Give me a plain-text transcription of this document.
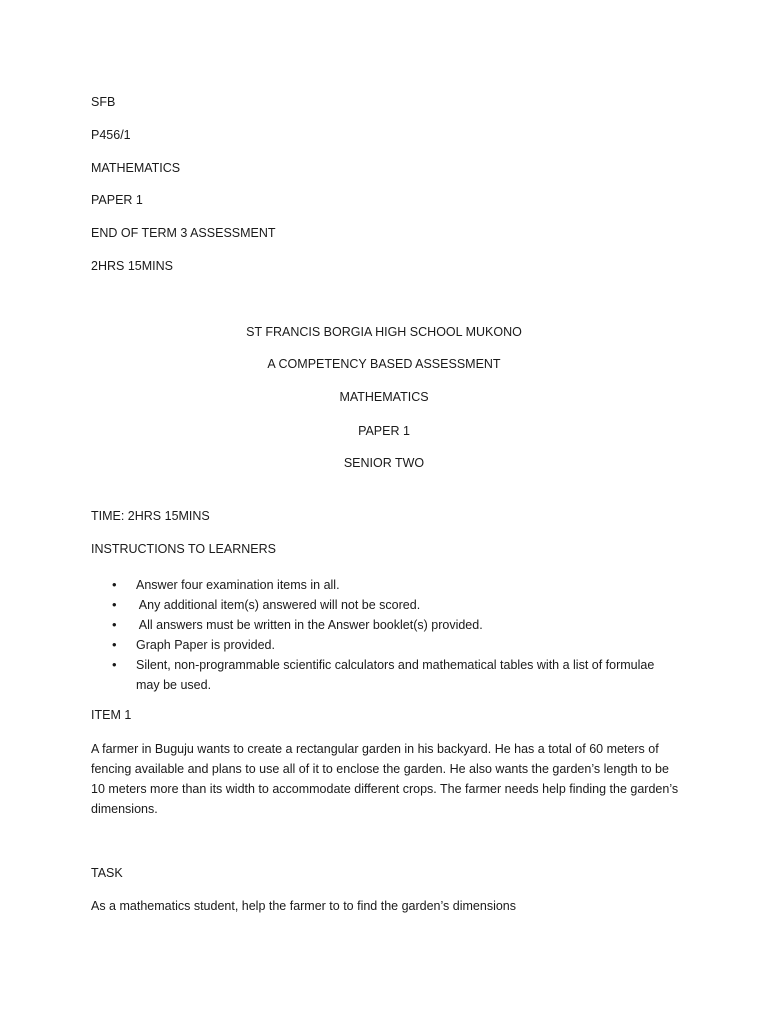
SFB
P456/1
MATHEMATICS
PAPER 1
END OF TERM 3 ASSESSMENT
2HRS 15MINS
ST FRANCIS BORGIA HIGH SCHOOL MUKONO
A COMPETENCY BASED ASSESSMENT
MATHEMATICS
PAPER 1
SENIOR TWO
TIME: 2HRS 15MINS
INSTRUCTIONS TO LEARNERS
• Answer four examination items in all.
• Any additional item(s) answered will not be scored.
• All answers must be written in the Answer booklet(s) provided.
• Graph Paper is provided.
• Silent, non-programmable scientific calculators and mathematical tables with a list of formulae may be used.
ITEM 1
A farmer in Buguju wants to create a rectangular garden in his backyard. He has a total of 60 meters of fencing available and plans to use all of it to enclose the garden. He also wants the garden’s length to be 10 meters more than its width to accommodate different crops. The farmer needs help finding the garden’s dimensions.
TASK
As a mathematics student, help the farmer to to find the garden’s dimensions
